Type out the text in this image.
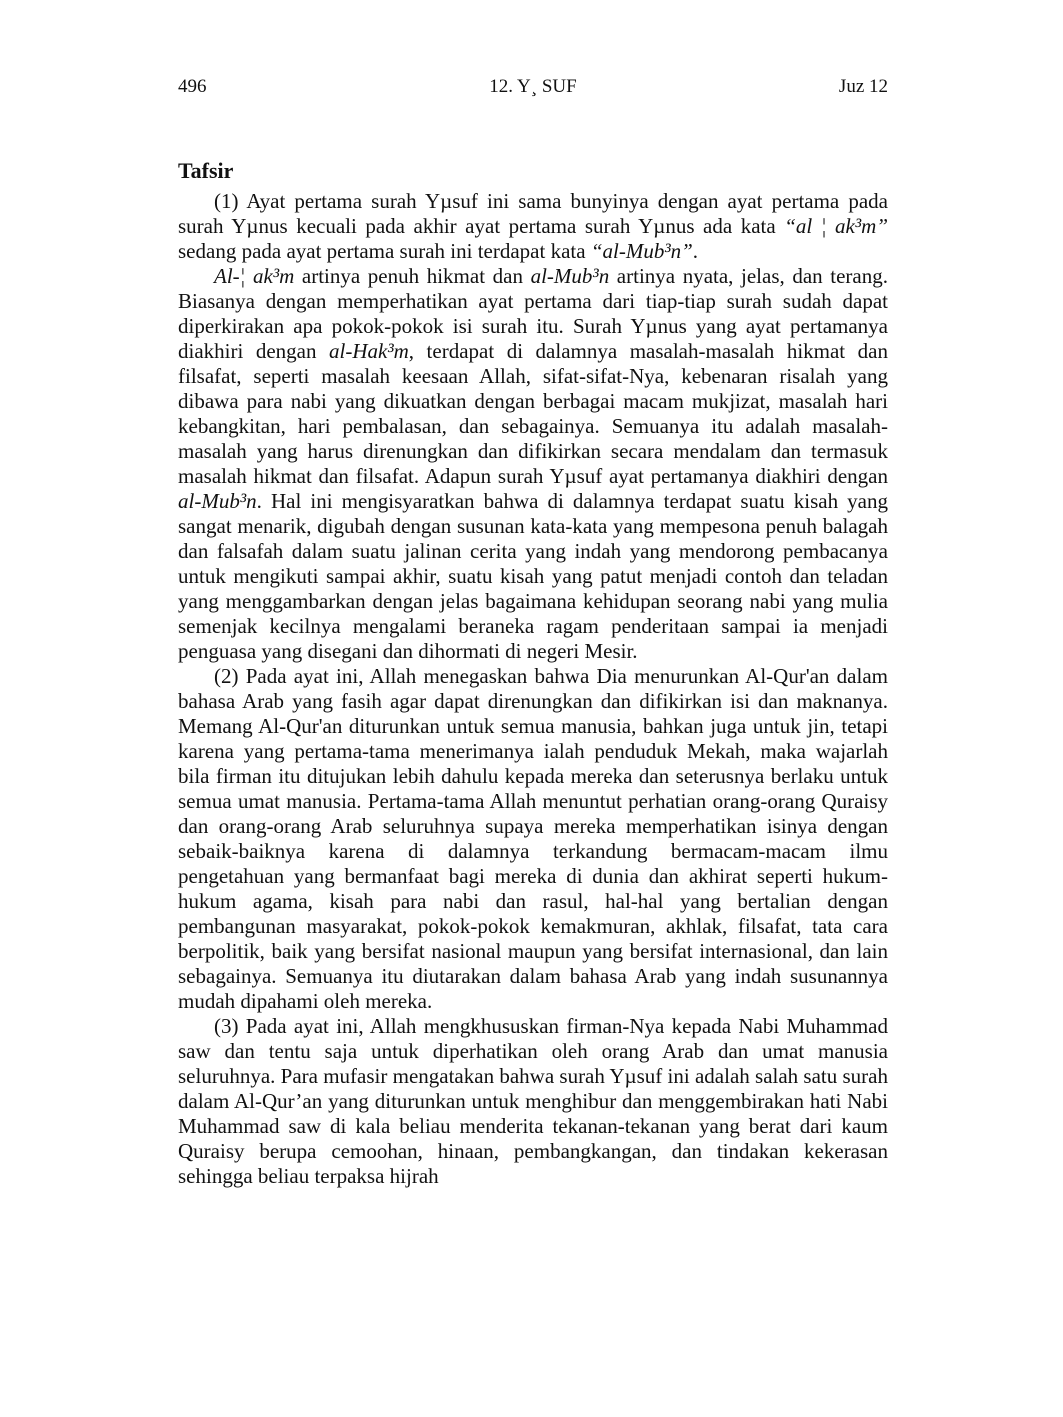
496	12. Y¸ SUF	Juz 12
Tafsir

(1) Ayat pertama surah Yµsuf ini sama bunyinya dengan ayat pertama pada surah Yµnus kecuali pada akhir ayat pertama surah Yµnus ada kata “al ¦ ak³m” sedang pada ayat pertama surah ini terdapat kata “al-Mub³n”.

Al-¦ ak³m artinya penuh hikmat dan al-Mub³n artinya nyata, jelas, dan terang. Biasanya dengan memperhatikan ayat pertama dari tiap-tiap surah sudah dapat diperkirakan apa pokok-pokok isi surah itu. Surah Yµnus yang ayat pertamanya diakhiri dengan al-Hak³m, terdapat di dalamnya masalah-masalah hikmat dan filsafat, seperti masalah keesaan Allah, sifat-sifat-Nya, kebenaran risalah yang dibawa para nabi yang dikuatkan dengan berbagai macam mukjizat, masalah hari kebangkitan, hari pembalasan, dan sebagainya. Semuanya itu adalah masalah-masalah yang harus direnungkan dan difikirkan secara mendalam dan termasuk masalah hikmat dan filsafat. Adapun surah Yµsuf ayat pertamanya diakhiri dengan al-Mub³n. Hal ini mengisyaratkan bahwa di dalamnya terdapat suatu kisah yang sangat menarik, digubah dengan susunan kata-kata yang mempesona penuh balagah dan falsafah dalam suatu jalinan cerita yang indah yang mendorong pembacanya untuk mengikuti sampai akhir, suatu kisah yang patut menjadi contoh dan teladan yang menggambarkan dengan jelas bagaimana kehidupan seorang nabi yang mulia semenjak kecilnya mengalami beraneka ragam penderitaan sampai ia menjadi penguasa yang disegani dan dihormati di negeri Mesir.

(2) Pada ayat ini, Allah menegaskan bahwa Dia menurunkan Al-Qur'an dalam bahasa Arab yang fasih agar dapat direnungkan dan difikirkan isi dan maknanya. Memang Al-Qur'an diturunkan untuk semua manusia, bahkan juga untuk jin, tetapi karena yang pertama-tama menerimanya ialah penduduk Mekah, maka wajarlah bila firman itu ditujukan lebih dahulu kepada mereka dan seterusnya berlaku untuk semua umat manusia. Pertama-tama Allah menuntut perhatian orang-orang Quraisy dan orang-orang Arab seluruhnya supaya mereka memperhatikan isinya dengan sebaik-baiknya karena di dalamnya terkandung bermacam-macam ilmu pengetahuan yang bermanfaat bagi mereka di dunia dan akhirat seperti hukum-hukum agama, kisah para nabi dan rasul, hal-hal yang bertalian dengan pembangunan masyarakat, pokok-pokok kemakmuran, akhlak, filsafat, tata cara berpolitik, baik yang bersifat nasional maupun yang bersifat internasional, dan lain sebagainya. Semuanya itu diutarakan dalam bahasa Arab yang indah susunannya mudah dipahami oleh mereka.

(3) Pada ayat ini, Allah mengkhususkan firman-Nya kepada Nabi Muhammad saw dan tentu saja untuk diperhatikan oleh orang Arab dan umat manusia seluruhnya. Para mufasir mengatakan bahwa surah Yµsuf ini adalah salah satu surah dalam Al-Qur’an yang diturunkan untuk menghibur dan menggembirakan hati Nabi Muhammad saw di kala beliau menderita tekanan-tekanan yang berat dari kaum Quraisy berupa cemoohan, hinaan, pembangkangan, dan tindakan kekerasan sehingga beliau terpaksa hijrah
